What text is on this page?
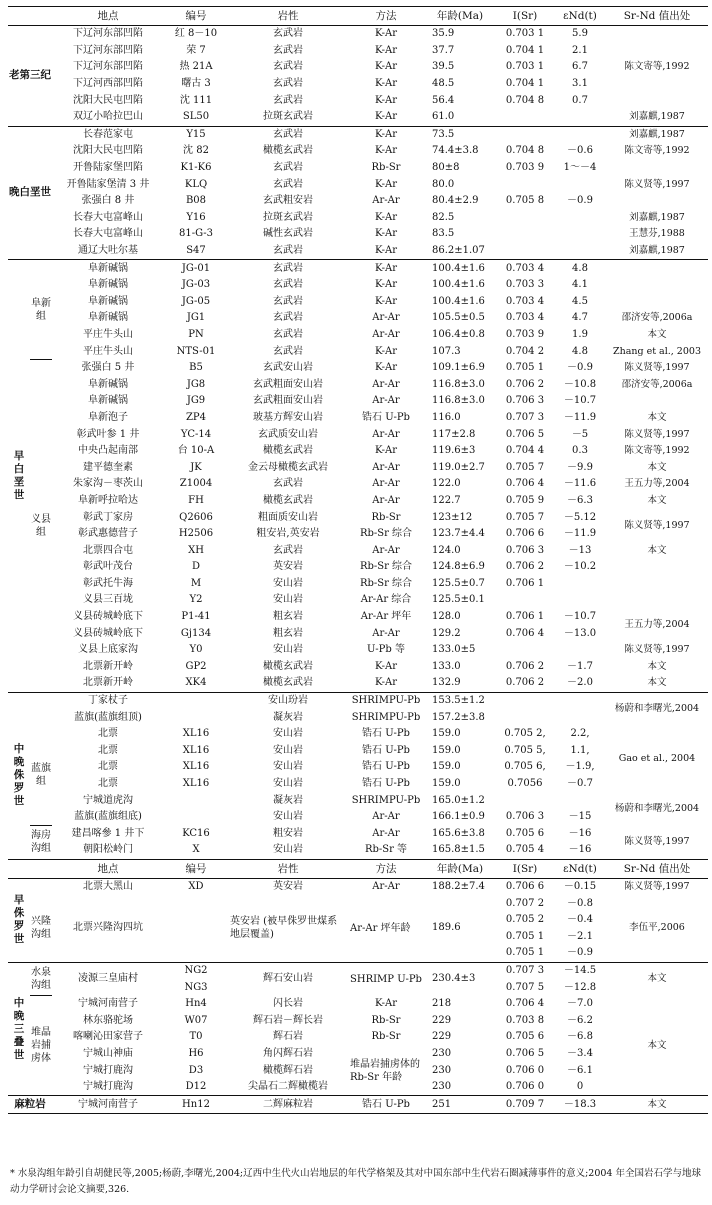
		地点	编号	岩性	方法	年龄(Ma)	I(Sr)	εNd(t)	Sr-Nd 值出处
老第三纪		下辽河东部凹陷	红 8－10	玄武岩	K-Ar	35.9	0.703 1	5.9	陈文寄等,1992
		下辽河东部凹陷	荣 7	玄武岩	K-Ar	37.7	0.704 1	2.1	
		下辽河东部凹陷	热 21A	玄武岩	K-Ar	39.5	0.703 1	6.7	
		下辽河西部凹陷	曙古 3	玄武岩	K-Ar	48.5	0.704 1	3.1	
		沈阳大民屯凹陷	沈 111	玄武岩	K-Ar	56.4	0.704 8	0.7	
		双辽小哈拉巴山	SL50	拉斑玄武岩	K-Ar	61.0			刘嘉麒,1987
晚白垩世		长春范家屯	Y15	玄武岩	K-Ar	73.5			刘嘉麒,1987
		沈阳大民屯凹陷	沈 82	橄榄玄武岩	K-Ar	74.4±3.8	0.704 8	－0.6	陈文寄等,1992
		开鲁陆家堡凹陷	K1-K6	玄武岩	Rb-Sr	80±8	0.703 9	1～－4	
		开鲁陆家堡清 3 井	KLQ	玄武岩	K-Ar	80.0			陈义贤等,1997
		张强白 8 井	B08	玄武粗安岩	Ar-Ar	80.4±2.9	0.705 8	－0.9	
		长春大屯富峰山	Y16	拉斑玄武岩	K-Ar	82.5			刘嘉麒,1987
		长春大屯富峰山	81-G-3	碱性玄武岩	K-Ar	83.5			王慧芬,1988
		通辽大吐尔基	S47	玄武岩	K-Ar	86.2±1.07			刘嘉麒,1987
早白垩世	阜新组	阜新碱锅	JG-01	玄武岩	K-Ar	100.4±1.6	0.703 4	4.8	
		阜新碱锅	JG-03	玄武岩	K-Ar	100.4±1.6	0.703 3	4.1	
		阜新碱锅	JG-05	玄武岩	K-Ar	100.4±1.6	0.703 4	4.5	
		阜新碱锅	JG1	玄武岩	Ar-Ar	105.5±0.5	0.703 4	4.7	邵济安等,2006a
		平庄牛头山	PN	玄武岩	Ar-Ar	106.4±0.8	0.703 9	1.9	本文
		平庄牛头山	NTS-01	玄武岩	K-Ar	107.3	0.704 2	4.8	Zhang et al., 2003
	义县组	张强白 5 井	B5	玄武安山岩	K-Ar	109.1±6.9	0.705 1	－0.9	陈义贤等,1997
		阜新碱锅	JG8	玄武粗面安山岩	Ar-Ar	116.8±3.0	0.706 2	－10.8	邵济安等,2006a
		阜新碱锅	JG9	玄武粗面安山岩	Ar-Ar	116.8±3.0	0.706 3	－10.7	
		阜新泡子	ZP4	玻基方辉安山岩	锆石 U-Pb	116.0	0.707 3	－11.9	本文
		彰武叶参 1 井	YC-14	玄武质安山岩	Ar-Ar	117±2.8	0.706 5	－5	陈义贤等,1997
		中央凸起南部	台 10-A	橄榄玄武岩	K-Ar	119.6±3	0.704 4	0.3	陈文寄等,1992
		建平德奎素	JK	金云母橄榄玄武岩	Ar-Ar	119.0±2.7	0.705 7	－9.9	本文
		朱家沟－枣茨山	Z1004	玄武岩	Ar-Ar	122.0	0.706 4	－11.6	王五力等,2004
		阜新呼拉哈达	FH	橄榄玄武岩	Ar-Ar	122.7	0.705 9	－6.3	本文
		彰武丁家房	Q2606	粗面质安山岩	Rb-Sr	123±12	0.705 7	－5.12	陈义贤等,1997
		彰武惠德营子	H2506	粗安岩,英安岩	Rb-Sr 综合	123.7±4.4	0.706 6	－11.9	
		北票四合屯	XH	玄武岩	Ar-Ar	124.0	0.706 3	－13	本文
		彰武叶茂台	D	英安岩	Rb-Sr 综合	124.8±6.9	0.706 2	－10.2	
		彰武托牛海	M	安山岩	Rb-Sr 综合	125.5±0.7	0.706 1		
		义县三百垅	Y2	安山岩	Ar-Ar 综合	125.5±0.1			
		义县砖城岭底下	P1-41	粗玄岩	Ar-Ar 坪年	128.0	0.706 1	－10.7	王五力等,2004
		义县砖城岭底下	Gj134	粗玄岩	Ar-Ar	129.2	0.706 4	－13.0	
		义县上底家沟	Y0	安山岩	U-Pb 等	133.0±5			陈义贤等,1997
		北票新开岭	GP2	橄榄玄武岩	K-Ar	133.0	0.706 2	－1.7	本文
		北票新开岭	XK4	橄榄玄武岩	K-Ar	132.9	0.706 2	－2.0	本文
中晚侏罗世		丁家杖子		安山玢岩	SHRIMPU-Pb	153.5±1.2			杨蔚和李曙光,2004
		蓝旗(蓝旗组顶)		凝灰岩	SHRIMPU-Pb	157.2±3.8			
	蓝旗组	北票	XL16	安山岩	锆石 U-Pb	159.0	0.705 2,	2.2,	Gao et al., 2004
		北票	XL16	安山岩	锆石 U-Pb	159.0	0.705 5,	1.1,	
		北票	XL16	安山岩	锆石 U-Pb	159.0	0.705 6,	－1.9,	
		北票	XL16	安山岩	锆石 U-Pb	159.0	0.7056	－0.7	
		宁城道虎沟		凝灰岩	SHRIMPU-Pb	165.0±1.2			杨蔚和李曙光,2004
		蓝旗(蓝旗组底)		安山岩	Ar-Ar	166.1±0.9	0.706 3	－15	
	海房沟组	建昌喀參 1 井下	KC16	粗安岩	Ar-Ar	165.6±3.8	0.705 6	－16	陈义贤等,1997
		朝阳松岭门	X	安山岩	Rb-Sr 等	165.8±1.5	0.705 4	－16	
		地点	编号	岩性	方法	年龄(Ma)	I(Sr)	εNd(t)	Sr-Nd 值出处
早侏罗世		北票大黑山	XD	英安岩	Ar-Ar	188.2±7.4	0.706 6	－0.15	陈义贤等,1997
	兴隆沟组	北票兴隆沟四坑		英安岩 (被早侏罗世煤系地层覆盖)	Ar-Ar 坪年龄	189.6	0.707 2	－0.8	李伍平,2006
							0.705 2	－0.4	
							0.705 1	－2.1	
							0.705 1	－0.9	
中晚三叠世	水泉沟组	凌源三皇庙村	NG2	辉石安山岩	SHRIMP U-Pb	230.4±3	0.707 3	－14.5	本文
			NG3				0.707 5	－12.8	
	堆晶岩捕虏体	宁城河南营子	Hn4	闪长岩	K-Ar	218	0.706 4	－7.0	本文
		林东骆驼场	W07	辉石岩－辉长岩	Rb-Sr	229	0.703 8	－6.2	
		喀喇沁田家营子	T0	辉石岩	Rb-Sr	229	0.705 6	－6.8	
		宁城山神庙	H6	角闪辉石岩	堆晶岩捕虏体的 Rb-Sr 年龄	230	0.706 5	－3.4	
		宁城打鹿沟	D3	橄榄辉石岩		230	0.706 0	－6.1	
		宁城打鹿沟	D12	尖晶石二辉橄榄岩		230	0.706 0	0	
麻粒岩		宁城河南营子	Hn12	二辉麻粒岩	锆石 U-Pb	251	0.709 7	－18.3	本文
* 水泉沟组年龄引自胡健民等,2005;杨蔚,李曙光,2004;辽西中生代火山岩地层的年代学格架及其对中国东部中生代岩石圈减薄事件的意义;2004 年全国岩石学与地球动力学研讨会论文摘要,326.
